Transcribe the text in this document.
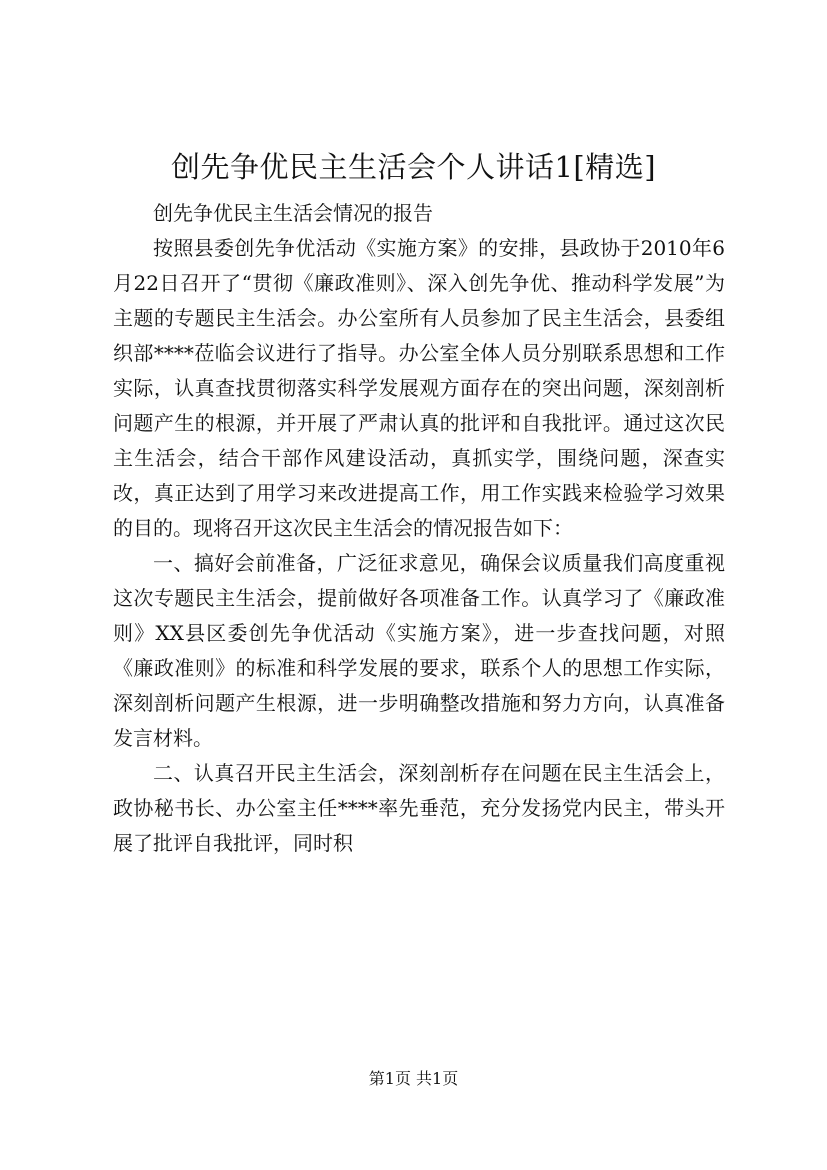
创先争优民主生活会个人讲话1[精选]

创先争优民主生活会情况的报告

按照县委创先争优活动《实施方案》的安排，县政协于2010年6月22日召开了“贯彻《廉政准则》、深入创先争优、推动科学发展”为主题的专题民主生活会。办公室所有人员参加了民主生活会，县委组织部****莅临会议进行了指导。办公室全体人员分别联系思想和工作实际，认真查找贯彻落实科学发展观方面存在的突出问题，深刻剖析问题产生的根源，并开展了严肃认真的批评和自我批评。通过这次民主生活会，结合干部作风建设活动，真抓实学，围绕问题，深查实改，真正达到了用学习来改进提高工作，用工作实践来检验学习效果的目的。现将召开这次民主生活会的情况报告如下：

一、搞好会前准备，广泛征求意见，确保会议质量我们高度重视这次专题民主生活会，提前做好各项准备工作。认真学习了《廉政准则》XX县区委创先争优活动《实施方案》，进一步查找问题，对照《廉政准则》的标准和科学发展的要求，联系个人的思想工作实际，深刻剖析问题产生根源，进一步明确整改措施和努力方向，认真准备发言材料。

二、认真召开民主生活会，深刻剖析存在问题在民主生活会上，政协秘书长、办公室主任****率先垂范，充分发扬党内民主，带头开展了批评自我批评，同时积

第1页 共1页
